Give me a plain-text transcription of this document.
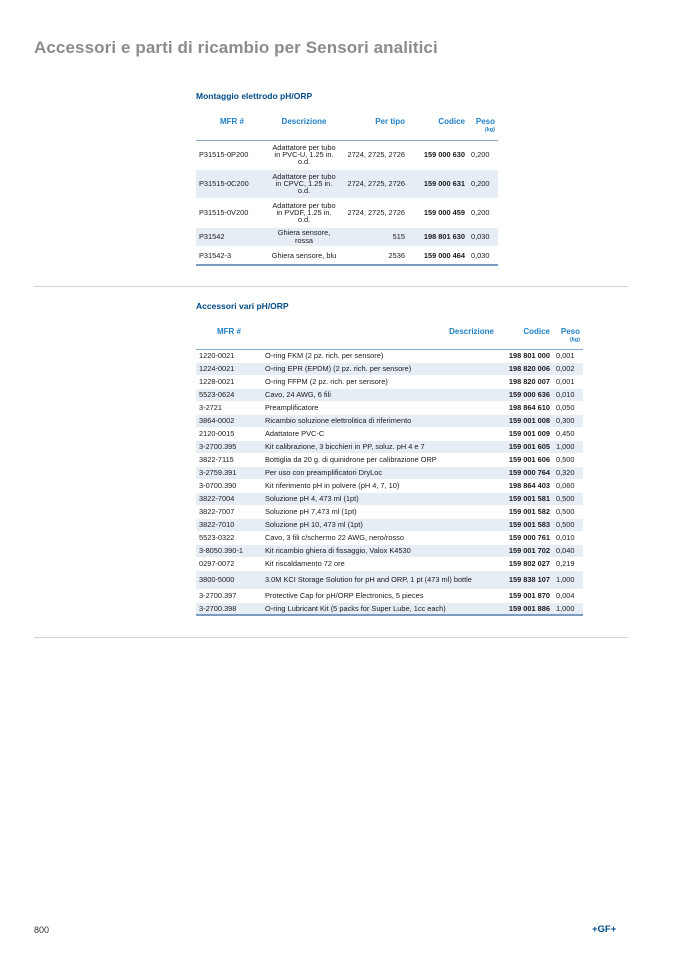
Accessori e parti di ricambio per Sensori analitici
Montaggio elettrodo pH/ORP
MFR #	Descrizione	Per tipo	Codice	Peso
(kg)

P31515-0P200	Adattatore per tubo in PVC-U, 1.25 in. o.d.	2724, 2725, 2726	159 000 630	0,200
P31515-0C200	Adattatore per tubo in CPVC, 1.25 in. o.d.	2724, 2725, 2726	159 000 631	0,200
P31515-0V200	Adattatore per tubo in PVDF, 1.25 in. o.d.	2724, 2725, 2726	159 000 459	0,200
P31542	Ghiera sensore, rossa	515	198 801 630	0,030
P31542-3	Ghiera sensore, blu	2536	159 000 464	0,030
Accessori vari pH/ORP
MFR #	Descrizione	Codice	Peso
(kg)

1220-0021	O-ring FKM (2 pz. rich. per sensore)	198 801 000	0,001
1224-0021	O-ring EPR (EPDM) (2 pz. rich. per sensore)	198 820 006	0,002
1228-0021	O-ring FFPM (2 pz. rich. per sensore)	198 820 007	0,001
5523-0624	Cavo, 24 AWG, 6 fili	159 000 636	0,010
3-2721	Preamplificatore	198 864 610	0,050
3864-0002	Ricambio soluzione elettrolitica di riferimento	159 001 008	0,300
2120-0015	Adattatore PVC-C	159 001 009	0,450
3-2700.395	Kit calibrazione, 3 bicchieri in PP, soluz. pH 4 e 7	159 001 605	1,000
3822-7115	Bottiglia da 20 g. di quinidrone per calibrazione ORP	159 001 606	0,500
3-2759.391	Per uso con preamplificatori DryLoc	159 000 764	0,320
3-0700.390	Kit riferimento pH in polvere (pH 4, 7, 10)	198 864 403	0,060
3822-7004	Soluzione pH 4, 473 ml (1pt)	159 001 581	0,500
3822-7007	Soluzione pH 7,473 ml (1pt)	159 001 582	0,500
3822-7010	Soluzione pH 10, 473 ml (1pt)	159 001 583	0,500
5523-0322	Cavo, 3 fili c/schermo 22 AWG, nero/rosso	159 000 761	0,010
3-8050.390-1	Kit ricambio ghiera di fissaggio, Valox K4530	159 001 702	0,040
0297-0072	Kit riscaldamento 72 ore	159 802 027	0,219
3800-5000	3.0M KCI Storage Solution for pH and ORP, 1 pt (473 ml) bottle	159 838 107	1,000
3-2700.397	Protective Cap for pH/ORP Electronics, 5 pieces	159 001 870	0,004
3-2700.398	O-ring Lubricant Kit (5 packs for Super Lube, 1cc each)	159 001 886	1,000
800	+GF+
